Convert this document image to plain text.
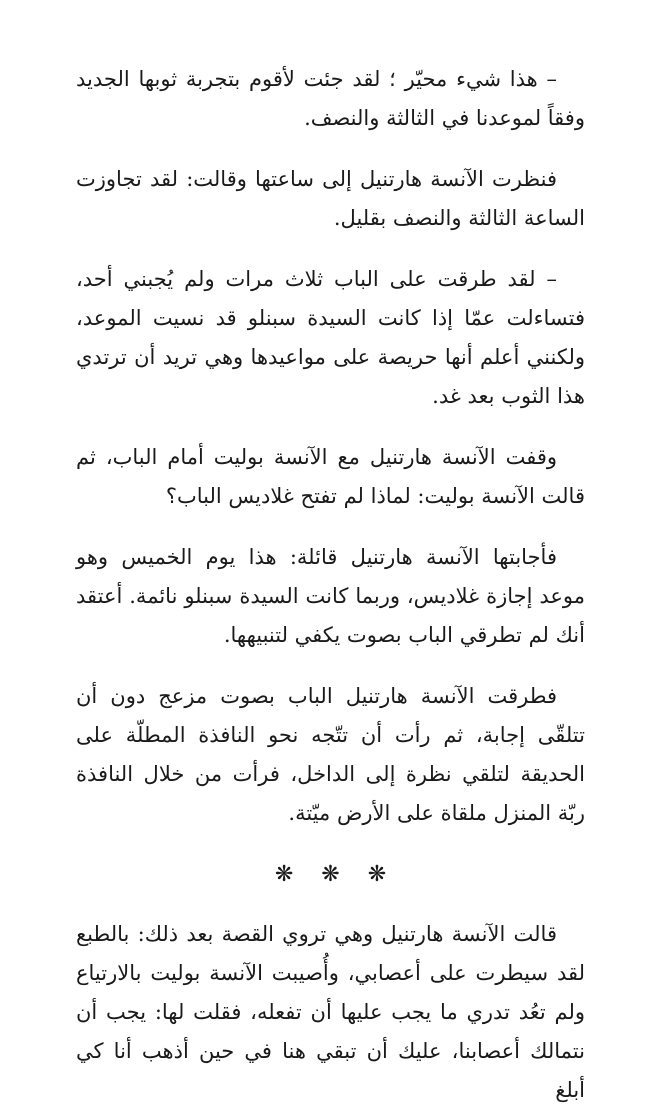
– هذا شيء محيّر ؛ لقد جئت لأقوم بتجربة ثوبها الجديد وفقاً لموعدنا في الثالثة والنصف.

فنظرت الآنسة هارتنيل إلى ساعتها وقالت: لقد تجاوزت الساعة الثالثة والنصف بقليل.

– لقد طرقت على الباب ثلاث مرات ولم يُجبني أحد، فتساءلت عمّا إذا كانت السيدة سبنلو قد نسيت الموعد، ولكنني أعلم أنها حريصة على مواعيدها وهي تريد أن ترتدي هذا الثوب بعد غد.

وقفت الآنسة هارتنيل مع الآنسة بوليت أمام الباب، ثم قالت الآنسة بوليت: لماذا لم تفتح غلاديس الباب؟

فأجابتها الآنسة هارتنيل قائلة: هذا يوم الخميس وهو موعد إجازة غلاديس، وربما كانت السيدة سبنلو نائمة. أعتقد أنك لم تطرقي الباب بصوت يكفي لتنبيهها.

فطرقت الآنسة هارتنيل الباب بصوت مزعج دون أن تتلقّى إجابة، ثم رأت أن تتّجه نحو النافذة المطلّة على الحديقة لتلقي نظرة إلى الداخل، فرأت من خلال النافذة ربّة المنزل ملقاة على الأرض ميّتة.

❋ ❋ ❋

قالت الآنسة هارتنيل وهي تروي القصة بعد ذلك: بالطبع لقد سيطرت على أعصابي، وأُصيبت الآنسة بوليت بالارتياع ولم تعُد تدري ما يجب عليها أن تفعله، فقلت لها: يجب أن نتمالك أعصابنا، عليك أن تبقي هنا في حين أذهب أنا كي أبلغ
